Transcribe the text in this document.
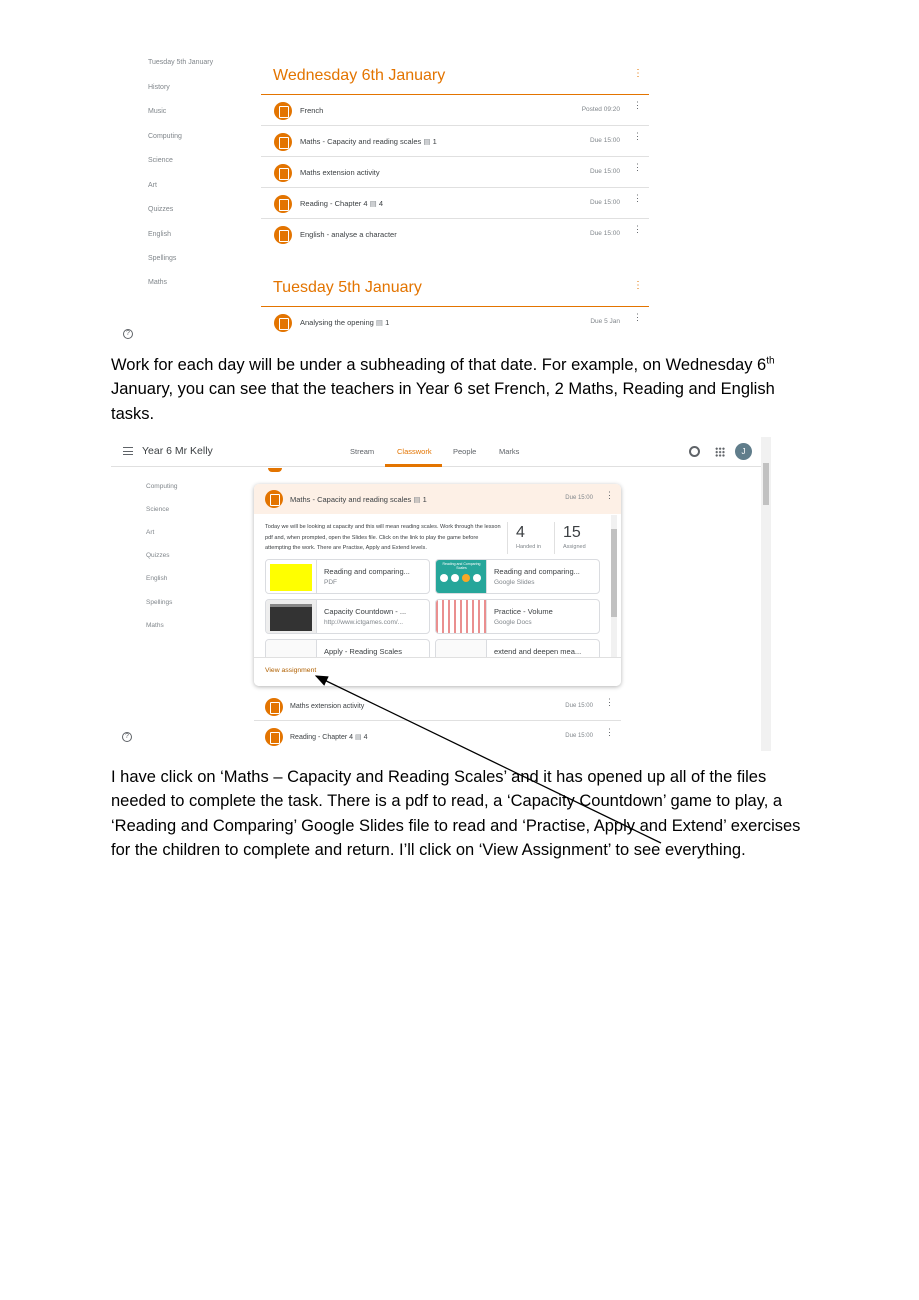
Tuesday 5th January
History
Music
Computing
Science
Art
Quizzes
English
Spellings
Maths
Wednesday 6th January	⋮
French	Posted 09:20 ⋮
Maths - Capacity and reading scales ▤ 1	Due 15:00 ⋮
Maths extension activity	Due 15:00 ⋮
Reading - Chapter 4 ▤ 4	Due 15:00 ⋮
English - analyse a character	Due 15:00 ⋮
Tuesday 5th January	⋮
Analysing the opening ▤ 1	Due 5 Jan ⋮
?
Work for each day will be under a subheading of that date. For example, on Wednesday 6th January, you can see that the teachers in Year 6 set French, 2 Maths, Reading and English tasks.
Year 6 Mr Kelly	Stream	Classwork	People	Marks	J
Computing
Science
Art
Quizzes
English
Spellings
Maths
Maths - Capacity and reading scales ▤ 1	Due 15:00 ⋮
Today we will be looking at capacity and this will mean reading scales. Work through the lesson pdf and, when prompted, open the Slides file. Click on the link to play the game before attempting the work. There are Practise, Apply and Extend levels.
4
Handed in
15
Assigned
Reading and comparing...
PDF
Reading and Comparing Scales	Reading and comparing...
Google Slides
Capacity Countdown - ...
http://www.ictgames.com/...
Practice - Volume
Google Docs
Apply - Reading Scales	extend and deepen mea...
View assignment
Maths extension activity	Due 15:00 ⋮
Reading - Chapter 4 ▤ 4	Due 15:00 ⋮
?
I have click on ‘Maths – Capacity and Reading Scales’ and it has opened up all of the files needed to complete the task. There is a pdf to read, a ‘Capacity Countdown’ game to play, a ‘Reading and Comparing’ Google Slides file to read and ‘Practise, Apply and Extend’ exercises for the children to complete and return. I’ll click on ‘View Assignment’ to see everything.
